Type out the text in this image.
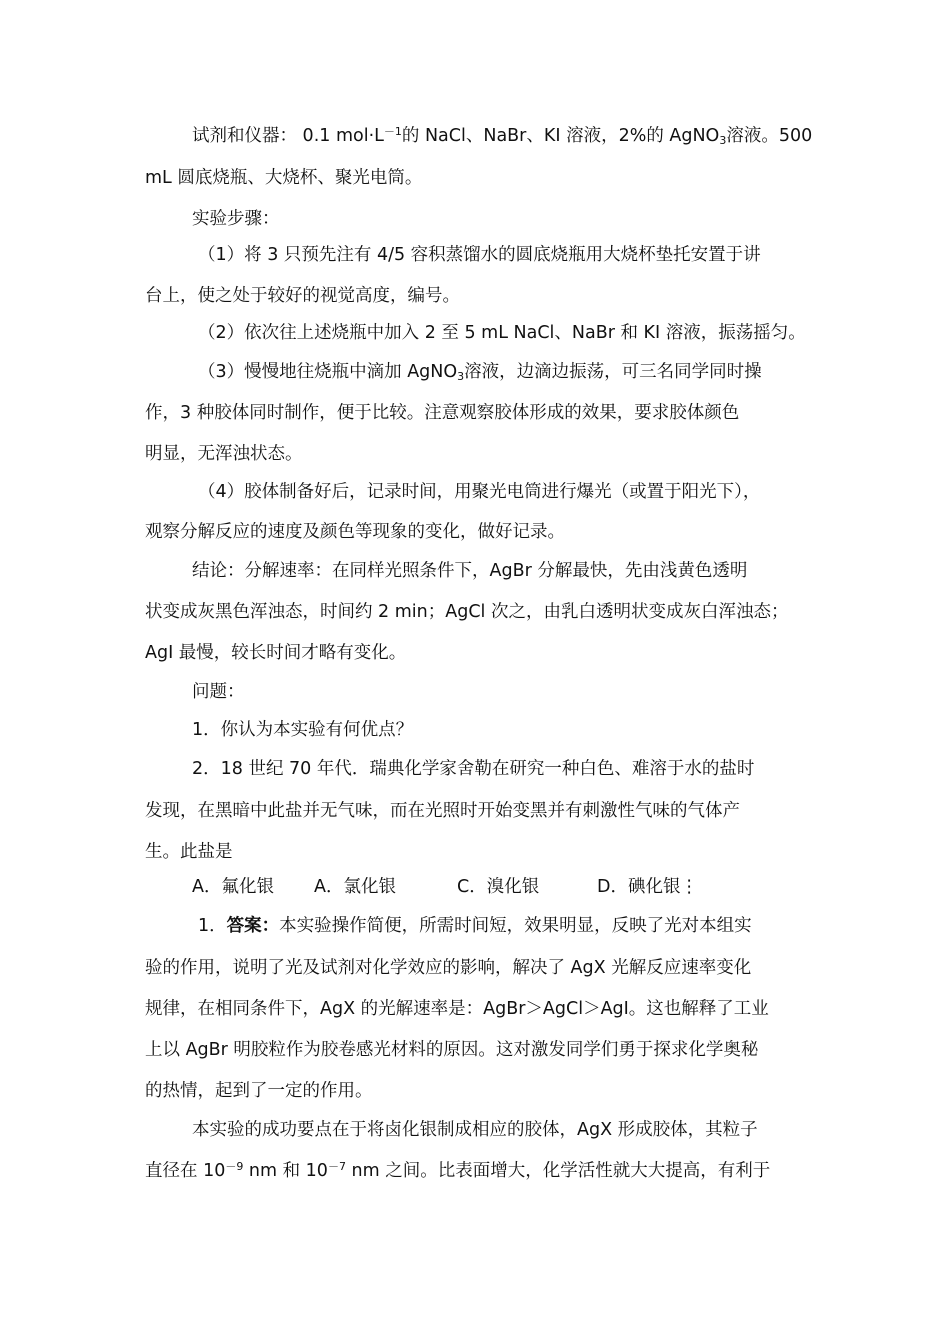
试剂和仪器： 0.1 $mol\cdot L^{-1}$的 NaCl、NaBr、KI 溶液，2%的 AgNO$_3$溶液。500
mL 圆底烧瓶、大烧杯、聚光电筒。
实验步骤：
（1）将 3 只预先注有 4/5 容积蒸馏水的圆底烧瓶用大烧杯垫托安置于讲
台上，使之处于较好的视觉高度，编号。
（2）依次往上述烧瓶中加入 2 至 5 mL NaCl、NaBr 和 KI 溶液，振荡摇匀。
（3）慢慢地往烧瓶中滴加 AgNO$_3$溶液，边滴边振荡，可三名同学同时操
作，3 种胶体同时制作，便于比较。注意观察胶体形成的效果，要求胶体颜色
明显，无浑浊状态。
（4）胶体制备好后，记录时间，用聚光电筒进行爆光（或置于阳光下），
观察分解反应的速度及颜色等现象的变化，做好记录。
结论：分解速率：在同样光照条件下，AgBr 分解最快，先由浅黄色透明
状变成灰黑色浑浊态，时间约 2 min；AgCl 次之，由乳白透明状变成灰白浑浊态；
AgI 最慢，较长时间才略有变化。
问题：
1．你认为本实验有何优点？
2．18 世纪 70 年代．瑞典化学家舍勒在研究一种白色、难溶于水的盐时
发现，在黑暗中此盐并无气味，而在光照时开始变黑并有刺激性气味的气体产
生。此盐是
A．氟化银 A．氯化银	C．溴化银	D．碘化银⋮
1．答案：本实验操作简便，所需时间短，效果明显，反映了光对本组实
验的作用，说明了光及试剂对化学效应的影响，解决了 AgX 光解反应速率变化
规律，在相同条件下，AgX 的光解速率是：AgBr＞AgCl＞AgI。这也解释了工业
上以 AgBr 明胶粒作为胶卷感光材料的原因。这对激发同学们勇于探求化学奥秘
的热情，起到了一定的作用。
本实验的成功要点在于将卤化银制成相应的胶体，AgX 形成胶体，其粒子
直径在 $10^{-9}$ nm 和 $10^{-7}$ nm 之间。比表面增大，化学活性就大大提高，有利于
